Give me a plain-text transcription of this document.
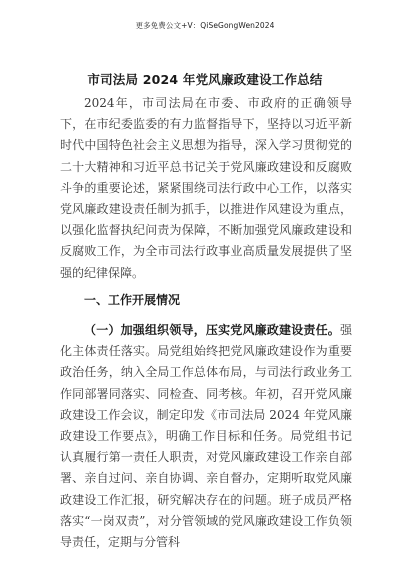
更多免费公文+V：QiSeGongWen2024
市司法局 2024 年党风廉政建设工作总结
2024年，市司法局在市委、市政府的正确领导下，在市纪委监委的有力监督指导下，坚持以习近平新时代中国特色社会主义思想为指导，深入学习贯彻党的二十大精神和习近平总书记关于党风廉政建设和反腐败斗争的重要论述，紧紧围绕司法行政中心工作，以落实党风廉政建设责任制为抓手，以推进作风建设为重点，以强化监督执纪问责为保障，不断加强党风廉政建设和反腐败工作，为全市司法行政事业高质量发展提供了坚强的纪律保障。
一、工作开展情况
（一）加强组织领导，压实党风廉政建设责任。强化主体责任落实。局党组始终把党风廉政建设作为重要政治任务，纳入全局工作总体布局，与司法行政业务工作同部署同落实、同检查、同考核。年初，召开党风廉政建设工作会议，制定印发《市司法局 2024 年党风廉政建设工作要点》，明确工作目标和任务。局党组书记认真履行第一责任人职责，对党风廉政建设工作亲自部署、亲自过问、亲自协调、亲自督办，定期听取党风廉政建设工作汇报，研究解决存在的问题。班子成员严格落实“一岗双责”，对分管领域的党风廉政建设工作负领导责任，定期与分管科
